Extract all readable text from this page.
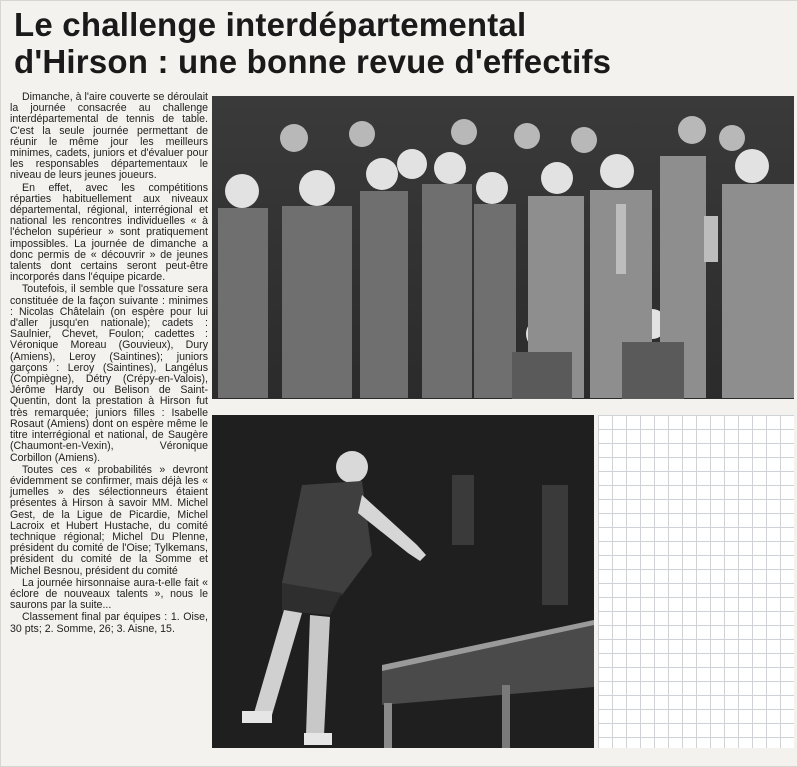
Le challenge interdépartemental
d'Hirson : une bonne revue d'effectifs

Dimanche, à l'aire couverte se déroulait la journée consacrée au challenge interdépartemental de tennis de table. C'est la seule journée permettant de réunir le même jour les meilleurs minimes, cadets, juniors et d'évaluer pour les responsables départementaux le niveau de leurs jeunes joueurs.

En effet, avec les compétitions réparties habituellement aux niveaux départemental, régional, interrégional et national les rencontres individuelles « à l'échelon supérieur » sont pratiquement impossibles. La journée de dimanche a donc permis de « découvrir » de jeunes talents dont certains seront peut-être incorporés dans l'équipe picarde.

Toutefois, il semble que l'ossature sera constituée de la façon suivante : minimes : Nicolas Châtelain (on espère pour lui d'aller jusqu'en nationale); cadets : Saulnier, Chevet, Foulon; cadettes : Véronique Moreau (Gouvieux), Dury (Amiens), Leroy (Saintines); juniors garçons : Leroy (Saintines), Langélus (Compiègne), Détry (Crépy-en-Valois), Jérôme Hardy ou Belison de Saint-Quentin, dont la prestation à Hirson fut très remarquée; juniors filles : Isabelle Rosaut (Amiens) dont on espère même le titre interrégional et national, de Saugère (Chaumont-en-Vexin), Véronique Corbillon (Amiens).

Toutes ces « probabilités » devront évidemment se confirmer, mais déjà les « jumelles » des sélectionneurs étaient présentes à Hirson à savoir MM. Michel Gest, de la Ligue de Picardie, Michel Lacroix et Hubert Hustache, du comité technique régional; Michel Du Plenne, président du comité de l'Oise; Tylkemans, président du comité de la Somme et Michel Besnou, président du comité

La journée hirsonnaise aura-t-elle fait « éclore de nouveaux talents », nous le saurons par la suite...

Classement final par équipes : 1. Oise, 30 pts; 2. Somme, 26; 3. Aisne, 15.
